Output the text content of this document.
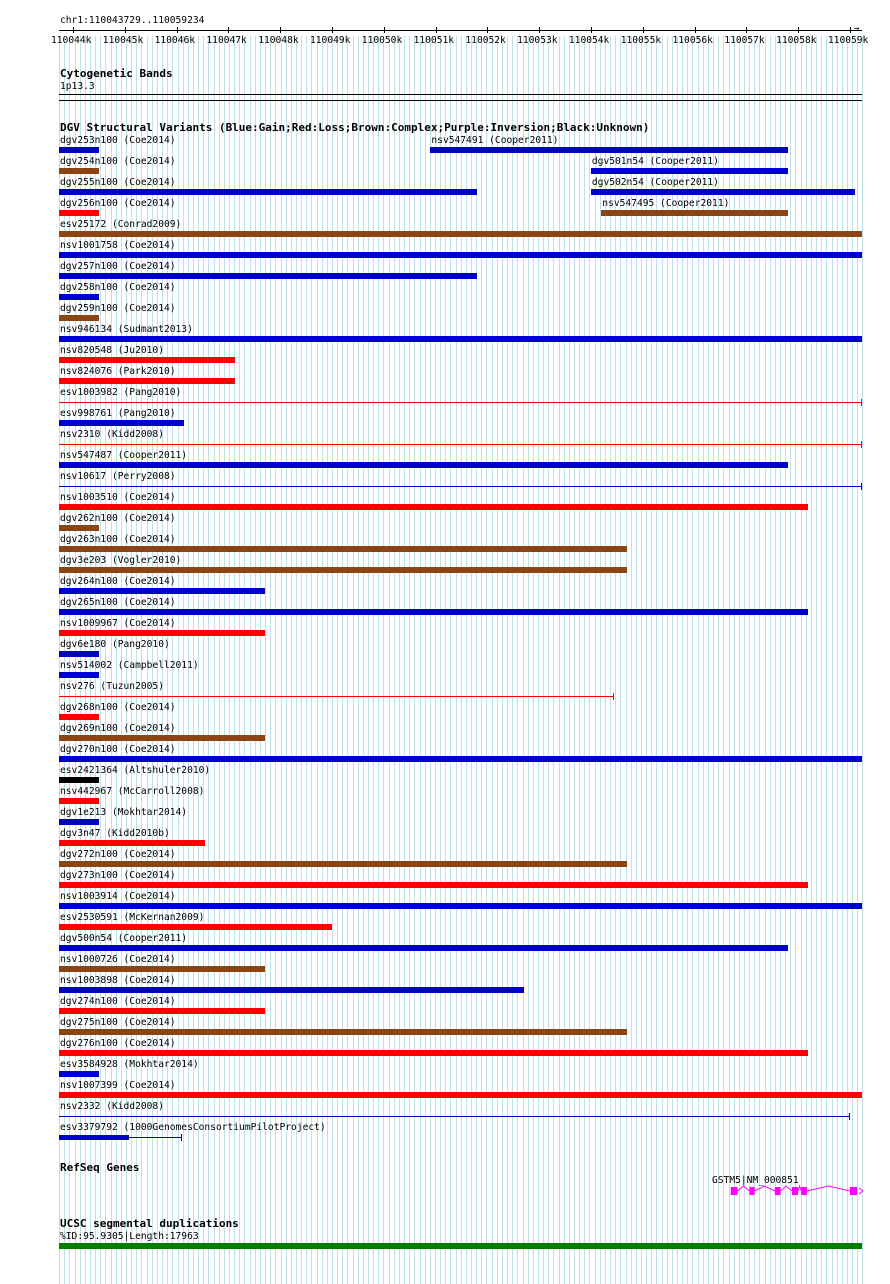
chr1:110043729..110059234
→
110044k 110045k 110046k 110047k 110048k 110049k 110050k 110051k 110052k 110053k 110054k 110055k 110056k 110057k 110058k 110059k
Cytogenetic Bands
1p13.3
DGV Structural Variants (Blue:Gain;Red:Loss;Brown:Complex;Purple:Inversion;Black:Unknown)
dgv253n100 (Coe2014)	nsv547491 (Cooper2011)
dgv254n100 (Coe2014)	dgv501n54 (Cooper2011)
dgv255n100 (Coe2014)	dgv502n54 (Cooper2011)
dgv256n100 (Coe2014)	nsv547495 (Cooper2011)
esv25172 (Conrad2009)
nsv1001758 (Coe2014)
dgv257n100 (Coe2014)
dgv258n100 (Coe2014)
dgv259n100 (Coe2014)
nsv946134 (Sudmant2013)
nsv820548 (Ju2010)
nsv824076 (Park2010)
esv1003982 (Pang2010)
esv998761 (Pang2010)
nsv2310 (Kidd2008)
nsv547487 (Cooper2011)
nsv10617 (Perry2008)
nsv1003510 (Coe2014)
dgv262n100 (Coe2014)
dgv263n100 (Coe2014)
dgv3e203 (Vogler2010)
dgv264n100 (Coe2014)
dgv265n100 (Coe2014)
nsv1009967 (Coe2014)
dgv6e180 (Pang2010)
nsv514002 (Campbell2011)
nsv276 (Tuzun2005)
dgv268n100 (Coe2014)
dgv269n100 (Coe2014)
dgv270n100 (Coe2014)
esv2421364 (Altshuler2010)
nsv442967 (McCarroll2008)
dgv1e213 (Mokhtar2014)
dgv3n47 (Kidd2010b)
dgv272n100 (Coe2014)
dgv273n100 (Coe2014)
nsv1003914 (Coe2014)
esv2530591 (McKernan2009)
dgv500n54 (Cooper2011)
nsv1000726 (Coe2014)
nsv1003898 (Coe2014)
dgv274n100 (Coe2014)
dgv275n100 (Coe2014)
dgv276n100 (Coe2014)
esv3584928 (Mokhtar2014)
nsv1007399 (Coe2014)
nsv2332 (Kidd2008)
esv3379792 (1000GenomesConsortiumPilotProject)
RefSeq Genes
GSTM5|NM_000851
UCSC segmental duplications
%ID:95.9305|Length:17963
